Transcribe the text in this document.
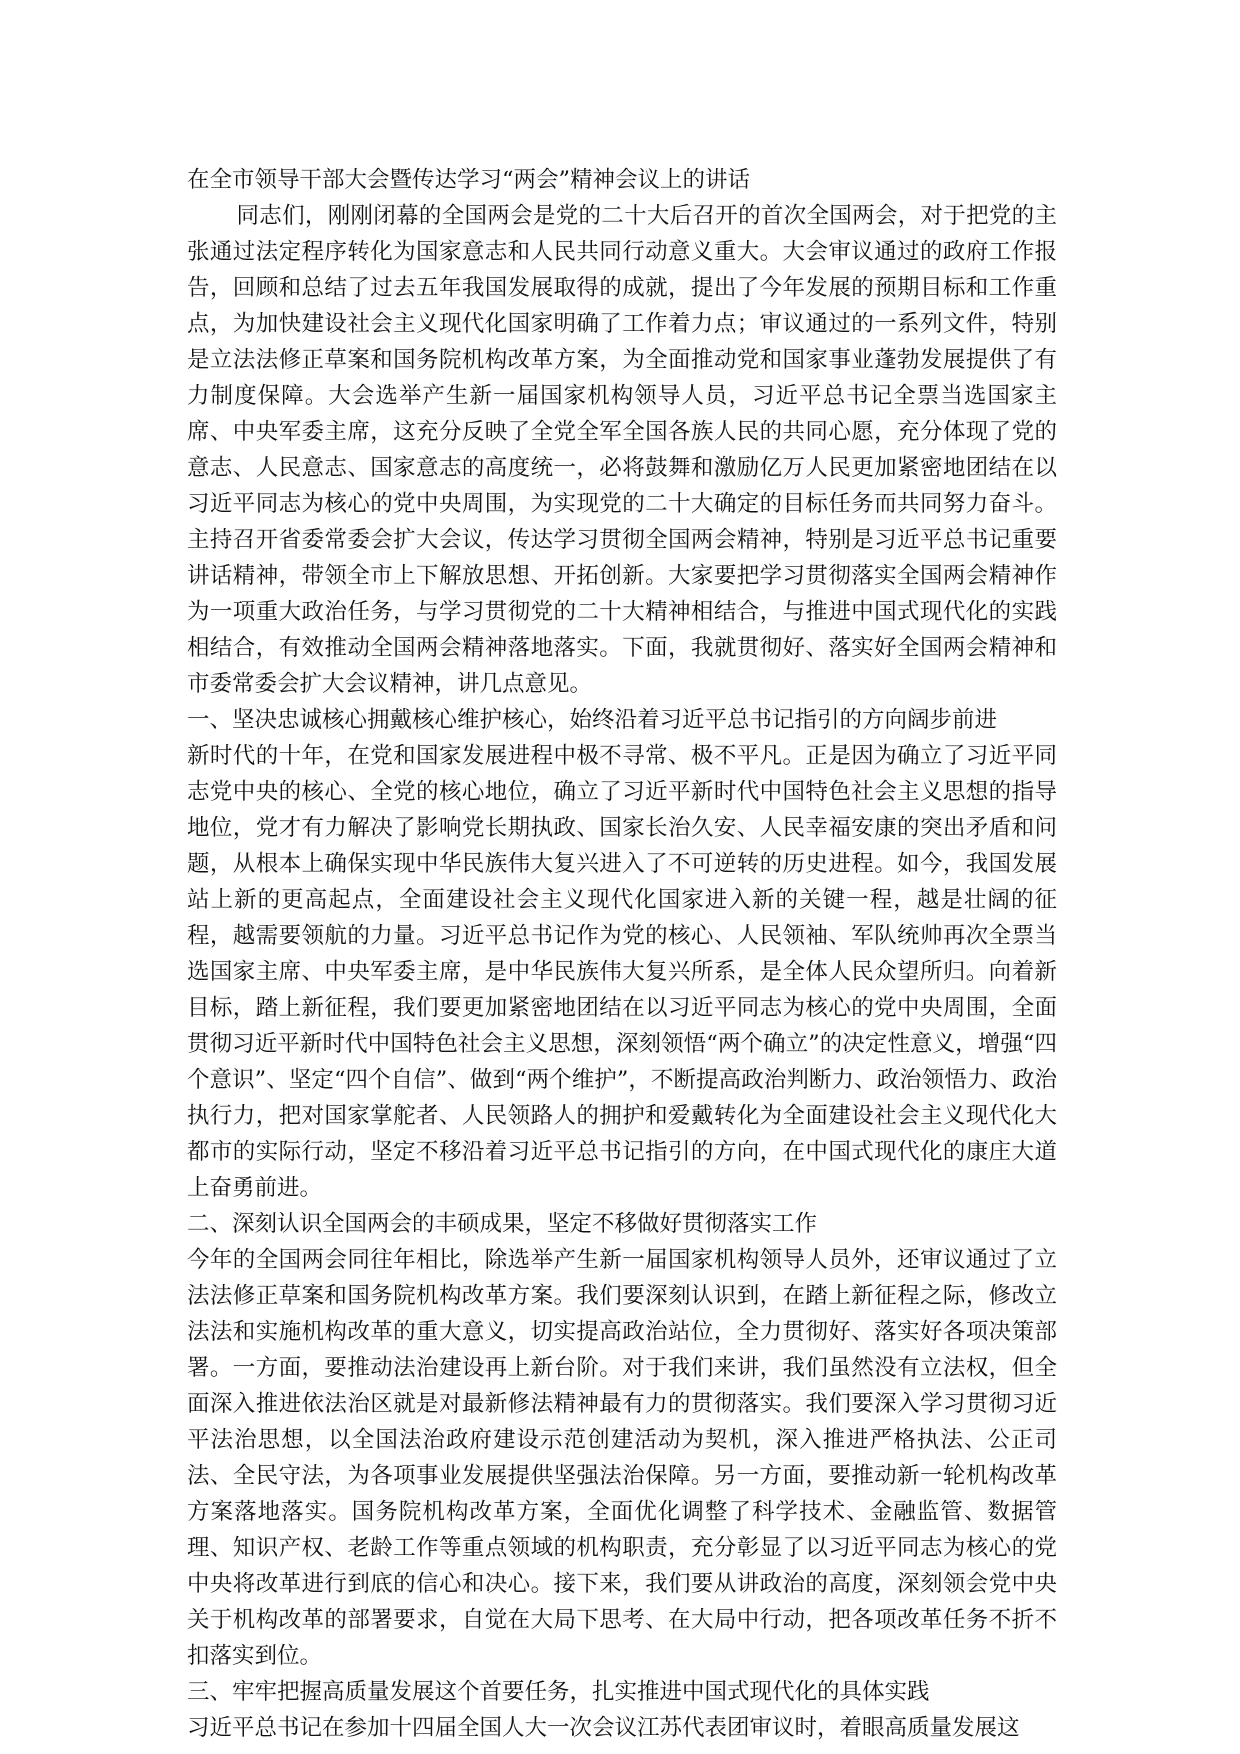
在全市领导干部大会暨传达学习“两会”精神会议上的讲话

同志们，刚刚闭幕的全国两会是党的二十大后召开的首次全国两会，对于把党的主张通过法定程序转化为国家意志和人民共同行动意义重大。大会审议通过的政府工作报告，回顾和总结了过去五年我国发展取得的成就，提出了今年发展的预期目标和工作重点，为加快建设社会主义现代化国家明确了工作着力点；审议通过的一系列文件，特别是立法法修正草案和国务院机构改革方案，为全面推动党和国家事业蓬勃发展提供了有力制度保障。大会选举产生新一届国家机构领导人员，习近平总书记全票当选国家主席、中央军委主席，这充分反映了全党全军全国各族人民的共同心愿，充分体现了党的意志、人民意志、国家意志的高度统一，必将鼓舞和激励亿万人民更加紧密地团结在以习近平同志为核心的党中央周围，为实现党的二十大确定的目标任务而共同努力奋斗。主持召开省委常委会扩大会议，传达学习贯彻全国两会精神，特别是习近平总书记重要讲话精神，带领全市上下解放思想、开拓创新。大家要把学习贯彻落实全国两会精神作为一项重大政治任务，与学习贯彻党的二十大精神相结合，与推进中国式现代化的实践相结合，有效推动全国两会精神落地落实。下面，我就贯彻好、落实好全国两会精神和市委常委会扩大会议精神，讲几点意见。

一、坚决忠诚核心拥戴核心维护核心，始终沿着习近平总书记指引的方向阔步前进

新时代的十年，在党和国家发展进程中极不寻常、极不平凡。正是因为确立了习近平同志党中央的核心、全党的核心地位，确立了习近平新时代中国特色社会主义思想的指导地位，党才有力解决了影响党长期执政、国家长治久安、人民幸福安康的突出矛盾和问题，从根本上确保实现中华民族伟大复兴进入了不可逆转的历史进程。如今，我国发展站上新的更高起点，全面建设社会主义现代化国家进入新的关键一程，越是壮阔的征程，越需要领航的力量。习近平总书记作为党的核心、人民领袖、军队统帅再次全票当选国家主席、中央军委主席，是中华民族伟大复兴所系，是全体人民众望所归。向着新目标，踏上新征程，我们要更加紧密地团结在以习近平同志为核心的党中央周围，全面贯彻习近平新时代中国特色社会主义思想，深刻领悟“两个确立”的决定性意义，增强“四个意识”、坚定“四个自信”、做到“两个维护”，不断提高政治判断力、政治领悟力、政治执行力，把对国家掌舵者、人民领路人的拥护和爱戴转化为全面建设社会主义现代化大都市的实际行动，坚定不移沿着习近平总书记指引的方向，在中国式现代化的康庄大道上奋勇前进。

二、深刻认识全国两会的丰硕成果，坚定不移做好贯彻落实工作

今年的全国两会同往年相比，除选举产生新一届国家机构领导人员外，还审议通过了立法法修正草案和国务院机构改革方案。我们要深刻认识到，在踏上新征程之际，修改立法法和实施机构改革的重大意义，切实提高政治站位，全力贯彻好、落实好各项决策部署。一方面，要推动法治建设再上新台阶。对于我们来讲，我们虽然没有立法权，但全面深入推进依法治区就是对最新修法精神最有力的贯彻落实。我们要深入学习贯彻习近平法治思想，以全国法治政府建设示范创建活动为契机，深入推进严格执法、公正司法、全民守法，为各项事业发展提供坚强法治保障。另一方面，要推动新一轮机构改革方案落地落实。国务院机构改革方案，全面优化调整了科学技术、金融监管、数据管理、知识产权、老龄工作等重点领域的机构职责，充分彰显了以习近平同志为核心的党中央将改革进行到底的信心和决心。接下来，我们要从讲政治的高度，深刻领会党中央关于机构改革的部署要求，自觉在大局下思考、在大局中行动，把各项改革任务不折不扣落实到位。

三、牢牢把握高质量发展这个首要任务，扎实推进中国式现代化的具体实践

习近平总书记在参加十四届全国人大一次会议江苏代表团审议时，着眼高质量发展这
